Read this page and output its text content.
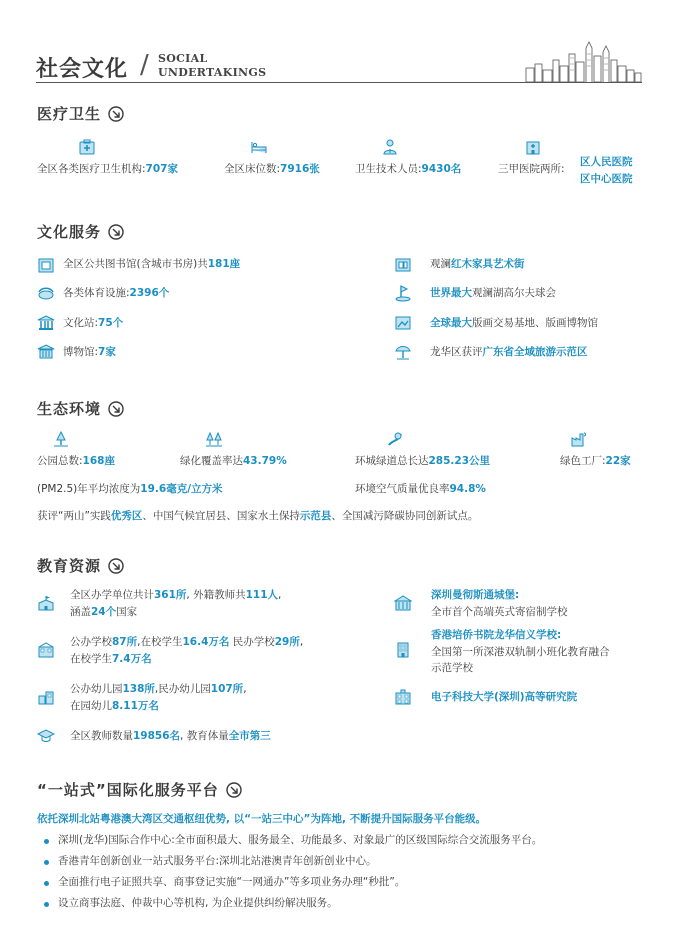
社会文化 / SOCIAL
UNDERTAKINGS
医疗卫生
全区各类医疗卫生机构:707家	全区床位数:7916张	卫生技术人员:9430名	三甲医院两所:
区人民医院
区中心医院
文化服务
全区公共图书馆(含城市书房)共181座
各类体育设施:2396个
文化站:75个
博物馆:7家
观澜红木家具艺术街
世界最大观澜湖高尔夫球会
全球最大版画交易基地、版画博物馆
龙华区获评广东省全域旅游示范区
生态环境
公园总数:168座	绿化覆盖率达43.79%	环城绿道总长达285.23公里	绿色工厂:22家
(PM2.5)年平均浓度为19.6毫克/立方米	环境空气质量优良率94.8%
获评“两山”实践优秀区、中国气候宜居县、国家水土保持示范县、全国减污降碳协同创新试点。
教育资源
全区办学单位共计361所, 外籍教师共111人,
涵盖24个国家
公办学校87所,在校学生16.4万名 民办学校29所,
在校学生7.4万名
公办幼儿园138所,民办幼儿园107所,
在园幼儿8.11万名
全区教师数量19856名, 教育体量全市第三
深圳曼彻斯通城堡:
全市首个高端英式寄宿制学校
香港培侨书院龙华信义学校:
全国第一所深港双轨制小班化教育融合
示范学校
电子科技大学(深圳)高等研究院
“一站式”国际化服务平台
依托深圳北站粤港澳大湾区交通枢纽优势, 以“一站三中心”为阵地, 不断提升国际服务平台能级。
深圳(龙华)国际合作中心:全市面积最大、服务最全、功能最多、对象最广的区级国际综合交流服务平台。
香港青年创新创业一站式服务平台:深圳北站港澳青年创新创业中心。
全面推行电子证照共享、商事登记实施“一网通办”等多项业务办理“秒批”。
设立商事法庭、仲裁中心等机构, 为企业提供纠纷解决服务。
